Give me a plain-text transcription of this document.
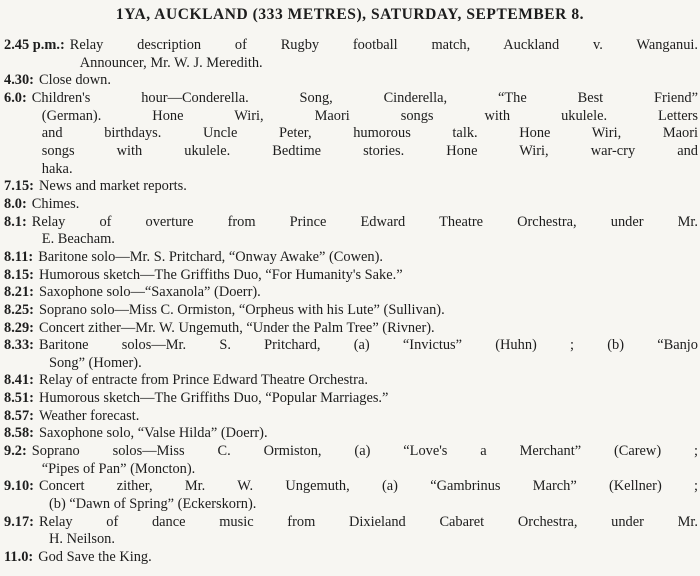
1YA, AUCKLAND (333 METRES), SATURDAY, SEPTEMBER 8.
2.45 p.m.: Relay description of Rugby football match, Auckland v. Wanganui.
Announcer, Mr. W. J. Meredith.
4.30: Close down.
6.0: Children's hour—Conderella. Song, Cinderella, “The Best Friend”
(German). Hone Wiri, Maori songs with ukulele. Letters
and birthdays. Uncle Peter, humorous talk. Hone Wiri, Maori
songs with ukulele. Bedtime stories. Hone Wiri, war-cry and
haka.
7.15: News and market reports.
8.0: Chimes.
8.1: Relay of overture from Prince Edward Theatre Orchestra, under Mr.
E. Beacham.
8.11: Baritone solo—Mr. S. Pritchard, “Onway Awake” (Cowen).
8.15: Humorous sketch—The Griffiths Duo, “For Humanity's Sake.”
8.21: Saxophone solo—“Saxanola” (Doerr).
8.25: Soprano solo—Miss C. Ormiston, “Orpheus with his Lute” (Sullivan).
8.29: Concert zither—Mr. W. Ungemuth, “Under the Palm Tree” (Rivner).
8.33: Baritone solos—Mr. S. Pritchard, (a) “Invictus” (Huhn) ; (b) “Banjo
Song” (Homer).
8.41: Relay of entracte from Prince Edward Theatre Orchestra.
8.51: Humorous sketch—The Griffiths Duo, “Popular Marriages.”
8.57: Weather forecast.
8.58: Saxophone solo, “Valse Hilda” (Doerr).
9.2: Soprano solos—Miss C. Ormiston, (a) “Love's a Merchant” (Carew) ;
“Pipes of Pan” (Moncton).
9.10: Concert zither, Mr. W. Ungemuth, (a) “Gambrinus March” (Kellner) ;
(b) “Dawn of Spring” (Eckerskorn).
9.17: Relay of dance music from Dixieland Cabaret Orchestra, under Mr.
H. Neilson.
11.0: God Save the King.
